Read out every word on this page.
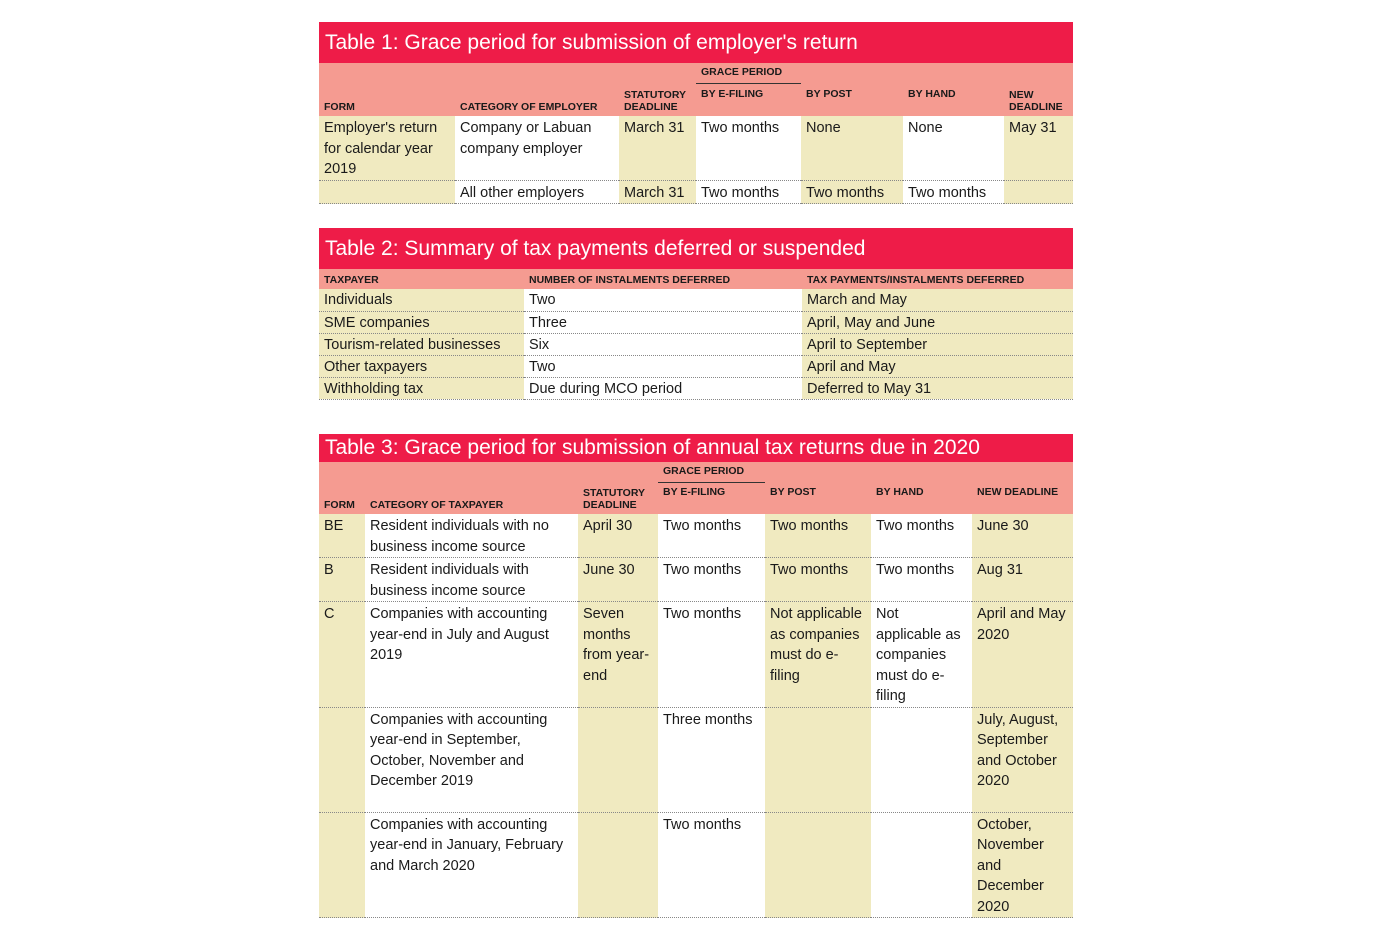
Table 1: Grace period for submission of employer's return
			GRACE PERIOD			
FORM	CATEGORY OF EMPLOYER	STATUTORY DEADLINE	BY E-FILING	BY POST	BY HAND	NEW DEADLINE
Employer's return for calendar year 2019	Company or Labuan company employer	March 31	Two months	None	None	May 31
	All other employers	March 31	Two months	Two months	Two months	
Table 2: Summary of tax payments deferred or suspended
TAXPAYER	NUMBER OF INSTALMENTS DEFERRED	TAX PAYMENTS/INSTALMENTS DEFERRED
Individuals	Two	March and May
SME companies	Three	April, May and June
Tourism-related businesses	Six	April to September
Other taxpayers	Two	April and May
Withholding tax	Due during MCO period	Deferred to May 31
Table 3: Grace period for submission of annual tax returns due in 2020
			GRACE PERIOD			
FORM	CATEGORY OF TAXPAYER	STATUTORY DEADLINE	BY E-FILING	BY POST	BY HAND	NEW DEADLINE
BE	Resident individuals with no business income source	April 30	Two months	Two months	Two months	June 30
B	Resident individuals with business income source	June 30	Two months	Two months	Two months	Aug 31
C	Companies with accounting year-end in July and August 2019	Seven months from year-end	Two months	Not applicable as companies must do e-filing	Not applicable as companies must do e-filing	April and May 2020
	Companies with accounting year-end in September, October, November and December 2019		Three months			July, August, September and October 2020
	Companies with accounting year-end in January, February and March 2020		Two months			October, November and December 2020
